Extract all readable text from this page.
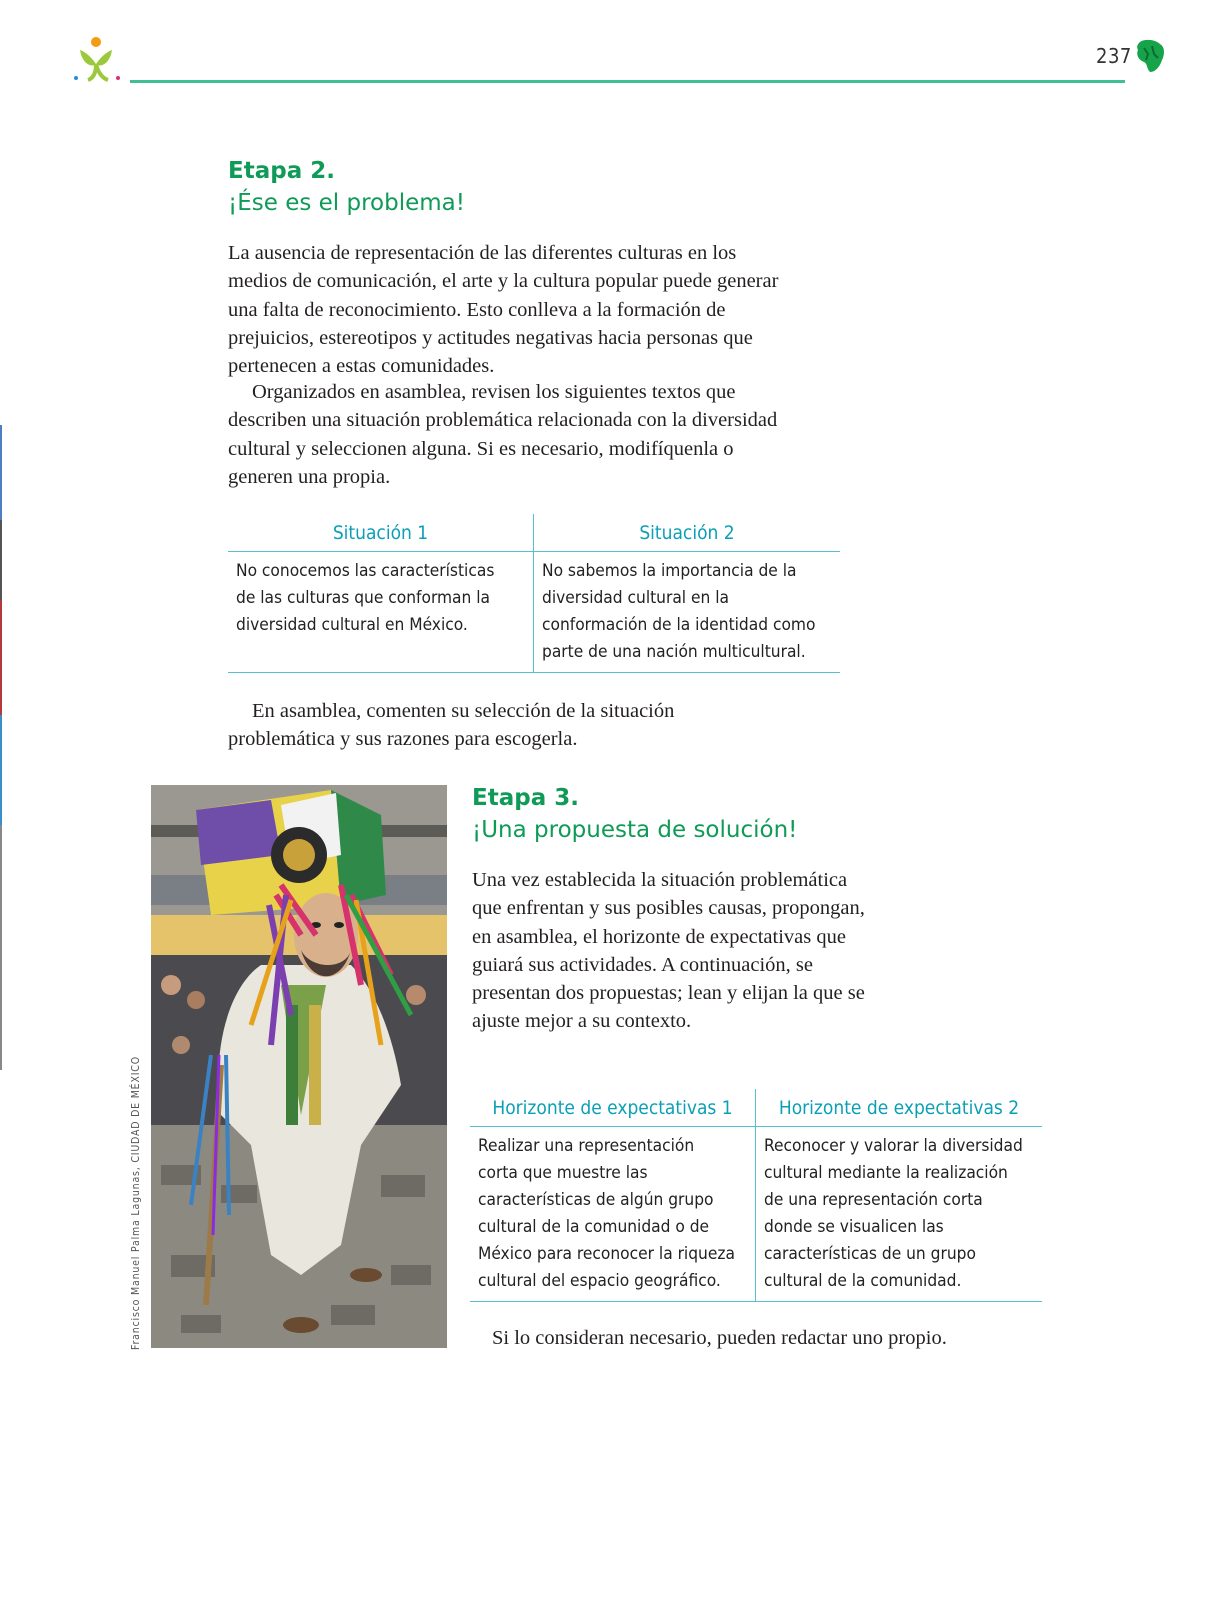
237
Etapa 2.
¡Ése es el problema!

La ausencia de representación de las diferentes culturas en los medios de comunicación, el arte y la cultura popular puede generar una falta de reconocimiento. Esto conlleva a la formación de prejuicios, estereotipos y actitudes negativas hacia personas que pertenecen a estas comunidades.

Organizados en asamblea, revisen los siguientes textos que describen una situación problemática relacionada con la diversidad cultural y seleccionen alguna. Si es necesario, modifíquenla o generen una propia.

Situación 1	Situación 2
No conocemos las características de las culturas que conforman la diversidad cultural en México.	No sabemos la importancia de la diversidad cultural en la conformación de la identidad como parte de una nación multicultural.

En asamblea, comenten su selección de la situación problemática y sus razones para escogerla.

Francisco Manuel Palma Lagunas, CIUDAD DE MÉXICO
Etapa 3.
¡Una propuesta de solución!

Una vez establecida la situación problemática que enfrentan y sus posibles causas, propongan, en asamblea, el horizonte de expectativas que guiará sus actividades. A continuación, se presentan dos propuestas; lean y elijan la que se ajuste mejor a su contexto.

Horizonte de expectativas 1	Horizonte de expectativas 2
Realizar una representación corta que muestre las características de algún grupo cultural de la comunidad o de México para reconocer la riqueza cultural del espacio geográfico.	Reconocer y valorar la diversidad cultural mediante la realización de una representación corta donde se visualicen las características de un grupo cultural de la comunidad.

Si lo consideran necesario, pueden redactar uno propio.
